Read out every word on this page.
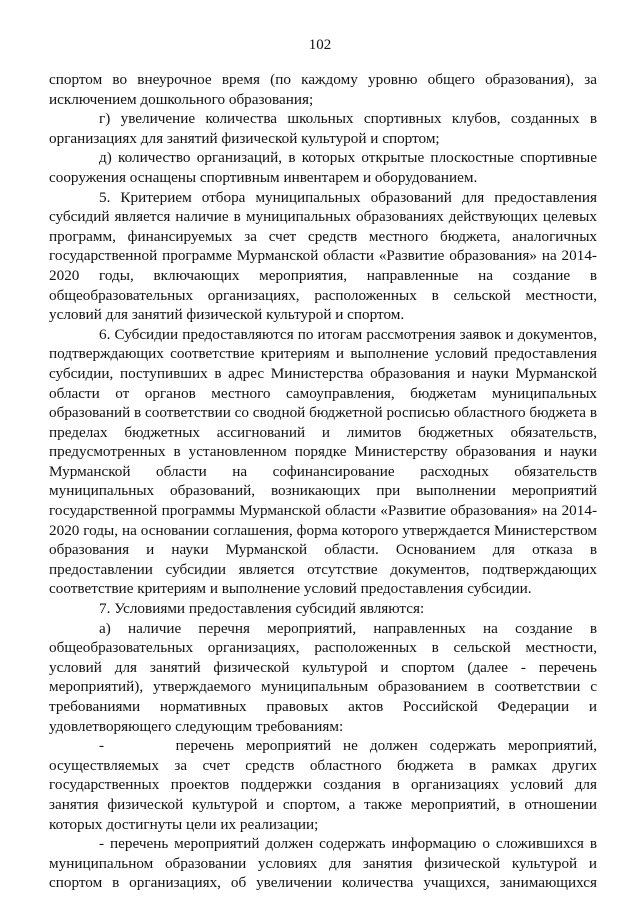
102

спортом во внеурочное время (по каждому уровню общего образования), за исключением дошкольного образования;

г) увеличение количества школьных спортивных клубов, созданных в организациях для занятий физической культурой и спортом;

д) количество организаций, в которых открытые плоскостные спортивные сооружения оснащены спортивным инвентарем и оборудованием.

5. Критерием отбора муниципальных образований для предоставления субсидий является наличие в муниципальных образованиях действующих целевых программ, финансируемых за счет средств местного бюджета, аналогичных государственной программе Мурманской области «Развитие образования» на 2014-2020 годы, включающих мероприятия, направленные на создание в общеобразовательных организациях, расположенных в сельской местности, условий для занятий физической культурой и спортом.

6. Субсидии предоставляются по итогам рассмотрения заявок и документов, подтверждающих соответствие критериям и выполнение условий предоставления субсидии, поступивших в адрес Министерства образования и науки Мурманской области от органов местного самоуправления, бюджетам муниципальных образований в соответствии со сводной бюджетной росписью областного бюджета в пределах бюджетных ассигнований и лимитов бюджетных обязательств, предусмотренных в установленном порядке Министерству образования и науки Мурманской области на софинансирование расходных обязательств муниципальных образований, возникающих при выполнении мероприятий государственной программы Мурманской области «Развитие образования» на 2014-2020 годы, на основании соглашения, форма которого утверждается Министерством образования и науки Мурманской области. Основанием для отказа в предоставлении субсидии является отсутствие документов, подтверждающих соответствие критериям и выполнение условий предоставления субсидии.

7. Условиями предоставления субсидий являются:

а) наличие перечня мероприятий, направленных на создание в общеобразовательных организациях, расположенных в сельской местности, условий для занятий физической культурой и спортом (далее - перечень мероприятий), утверждаемого муниципальным образованием в соответствии с требованиями нормативных правовых актов Российской Федерации и удовлетворяющего следующим требованиям:

-      перечень мероприятий не должен содержать мероприятий, осуществляемых за счет средств областного бюджета в рамках других государственных проектов поддержки создания в организациях условий для занятия физической культурой и спортом, а также мероприятий, в отношении которых достигнуты цели их реализации;

- перечень мероприятий должен содержать информацию о сложившихся в муниципальном образовании условиях для занятия физической культурой и спортом в организациях, об увеличении количества учащихся, занимающихся
